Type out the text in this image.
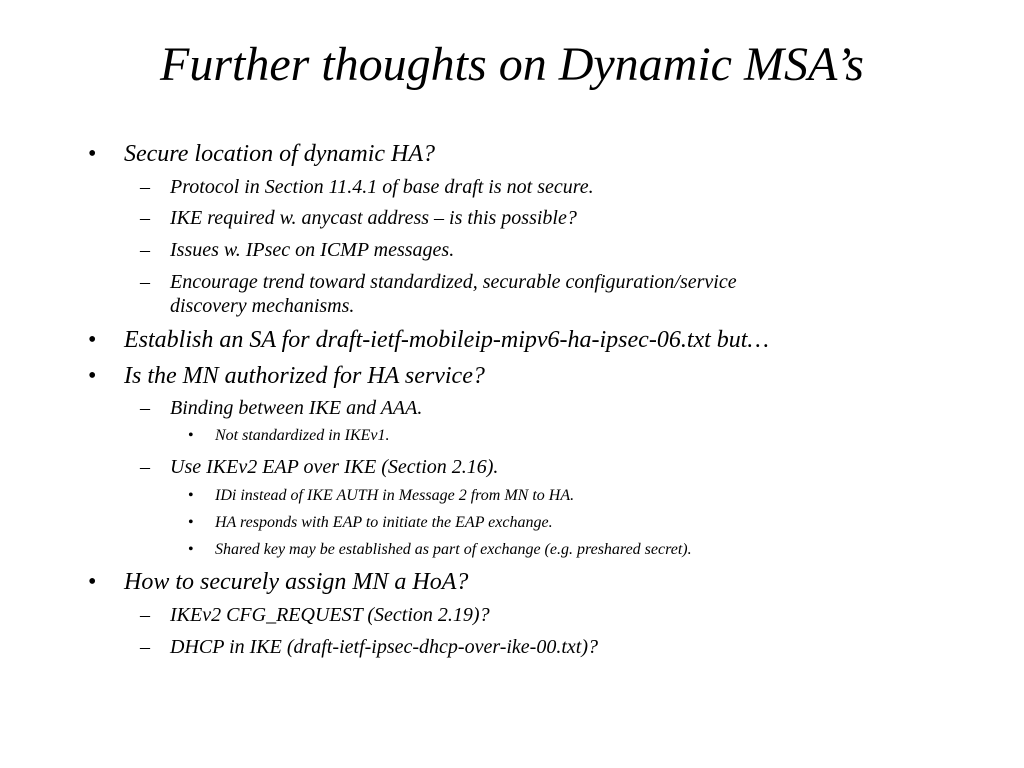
Further thoughts on Dynamic MSA’s
• Secure location of dynamic HA?
– Protocol in Section 11.4.1 of base draft is not secure.
– IKE required w. anycast address – is this possible?
– Issues w. IPsec on ICMP messages.
– Encourage trend toward standardized, securable configuration/service
discovery mechanisms.
• Establish an SA for draft-ietf-mobileip-mipv6-ha-ipsec-06.txt but…
• Is the MN authorized for HA service?
– Binding between IKE and AAA.
• Not standardized in IKEv1.
– Use IKEv2 EAP over IKE (Section 2.16).
• IDi instead of IKE AUTH in Message 2 from MN to HA.
• HA responds with EAP to initiate the EAP exchange.
• Shared key may be established as part of exchange (e.g. preshared secret).
• How to securely assign MN a HoA?
– IKEv2 CFG_REQUEST (Section 2.19)?
– DHCP in IKE (draft-ietf-ipsec-dhcp-over-ike-00.txt)?
